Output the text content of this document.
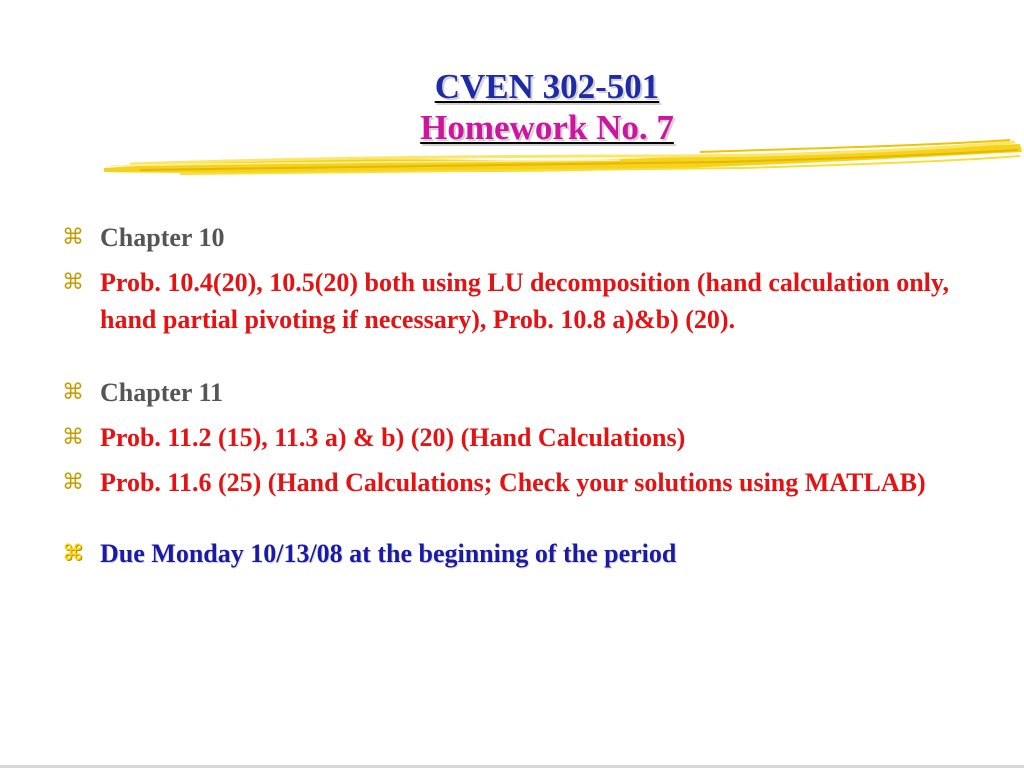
CVEN 302-501
Homework No. 7
⌘ Chapter 10
⌘ Prob. 10.4(20), 10.5(20) both using LU decomposition (hand calculation only, hand partial pivoting if necessary), Prob. 10.8 a)&b) (20).
⌘ Chapter 11
⌘ Prob. 11.2 (15), 11.3 a) & b) (20) (Hand Calculations)
⌘ Prob. 11.6 (25) (Hand Calculations; Check your solutions using MATLAB)
⌘ Due Monday 10/13/08 at the beginning of the period
